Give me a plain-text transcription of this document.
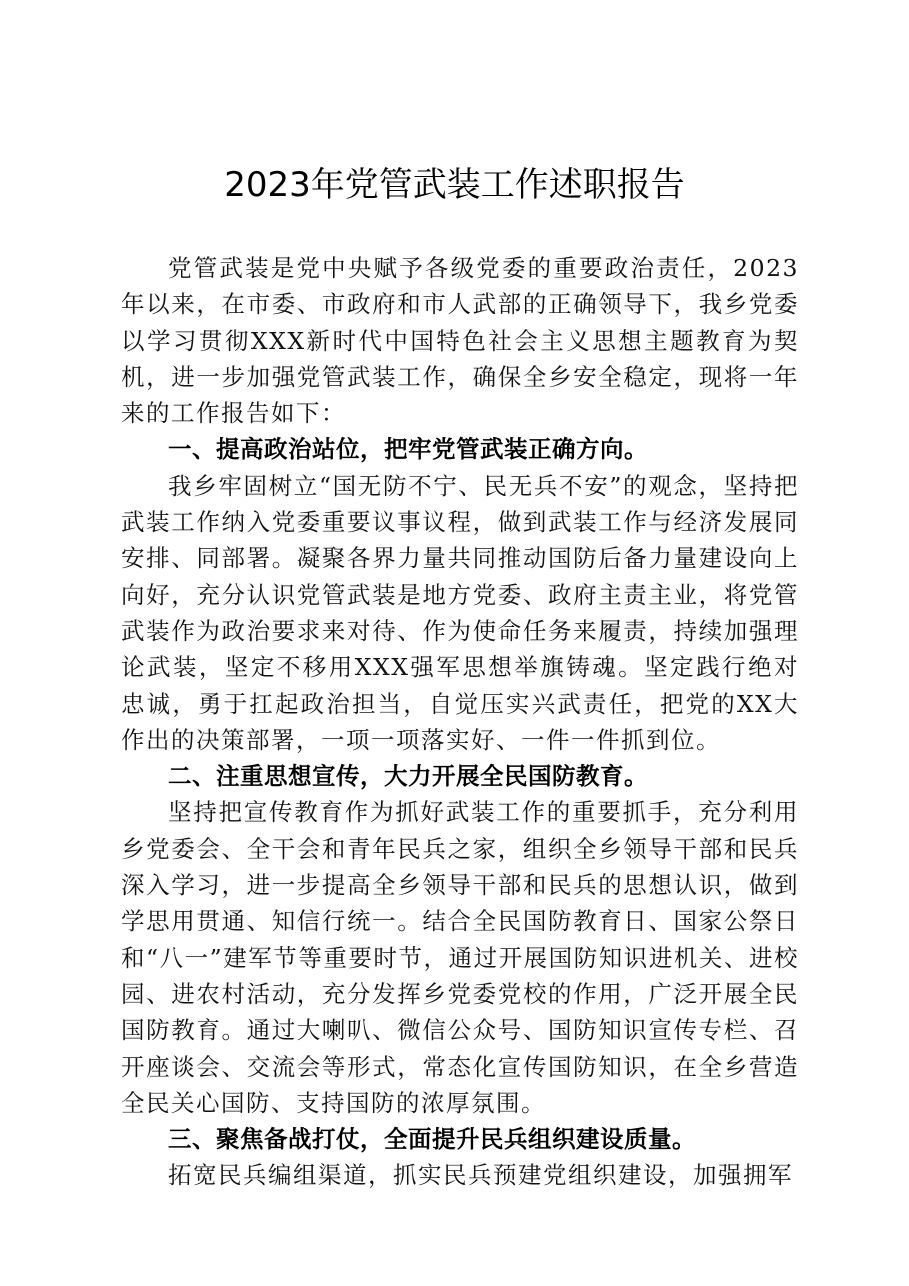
2023年党管武装工作述职报告

党管武装是党中央赋予各级党委的重要政治责任，2023年以来，在市委、市政府和市人武部的正确领导下，我乡党委以学习贯彻XXX新时代中国特色社会主义思想主题教育为契机，进一步加强党管武装工作，确保全乡安全稳定，现将一年来的工作报告如下：

一、提高政治站位，把牢党管武装正确方向。

我乡牢固树立“国无防不宁、民无兵不安”的观念，坚持把武装工作纳入党委重要议事议程，做到武装工作与经济发展同安排、同部署。凝聚各界力量共同推动国防后备力量建设向上向好，充分认识党管武装是地方党委、政府主责主业，将党管武装作为政治要求来对待、作为使命任务来履责，持续加强理论武装，坚定不移用XXX强军思想举旗铸魂。坚定践行绝对忠诚，勇于扛起政治担当，自觉压实兴武责任，把党的XX大作出的决策部署，一项一项落实好、一件一件抓到位。

二、注重思想宣传，大力开展全民国防教育。

坚持把宣传教育作为抓好武装工作的重要抓手，充分利用乡党委会、全干会和青年民兵之家，组织全乡领导干部和民兵深入学习，进一步提高全乡领导干部和民兵的思想认识，做到学思用贯通、知信行统一。结合全民国防教育日、国家公祭日和“八一”建军节等重要时节，通过开展国防知识进机关、进校园、进农村活动，充分发挥乡党委党校的作用，广泛开展全民国防教育。通过大喇叭、微信公众号、国防知识宣传专栏、召开座谈会、交流会等形式，常态化宣传国防知识，在全乡营造全民关心国防、支持国防的浓厚氛围。

三、聚焦备战打仗，全面提升民兵组织建设质量。

拓宽民兵编组渠道，抓实民兵预建党组织建设，加强拥军
